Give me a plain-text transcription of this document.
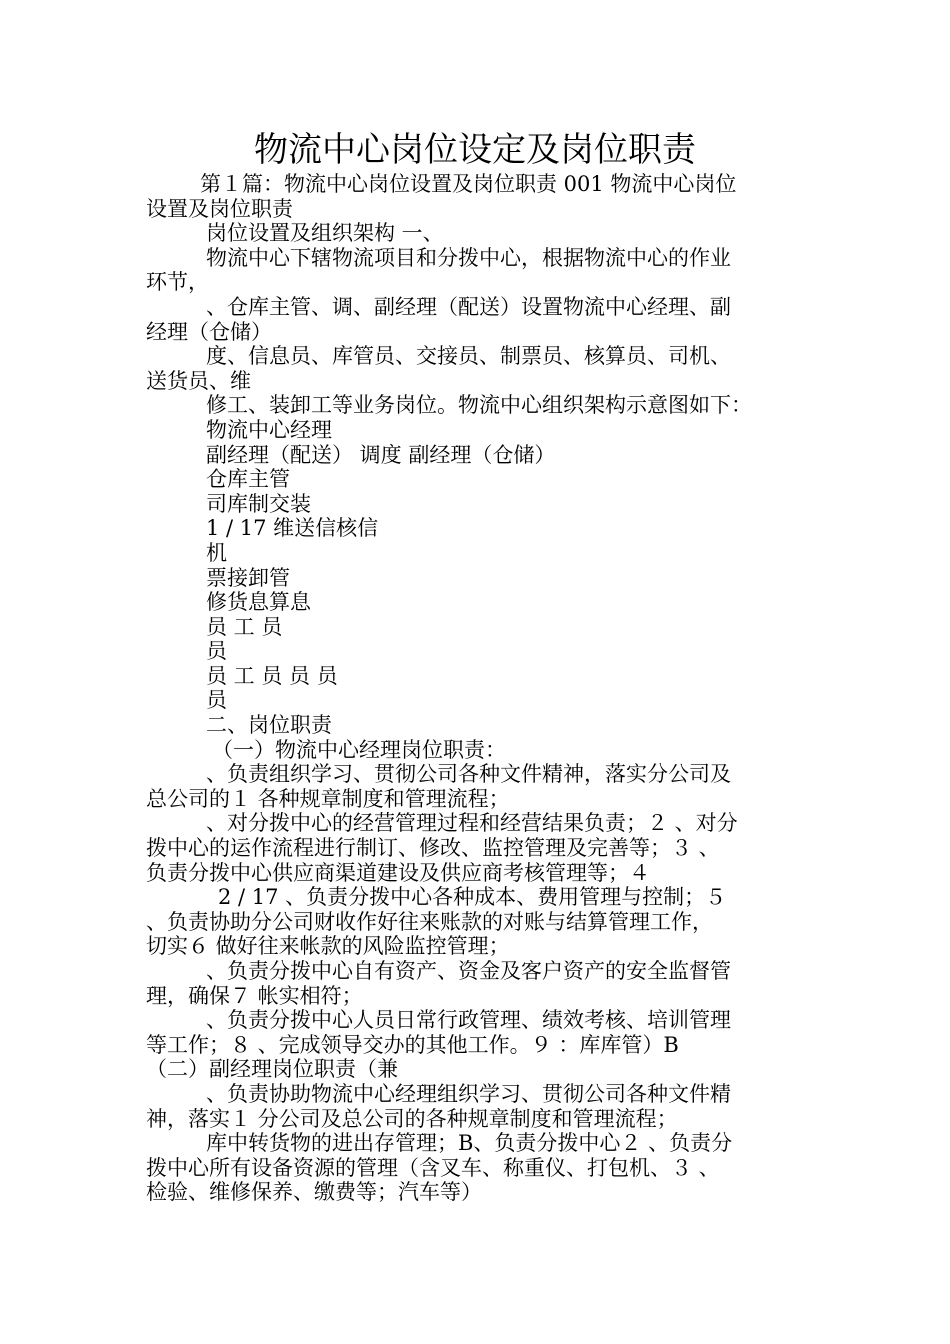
物流中心岗位设定及岗位职责

第１篇：物流中心岗位设置及岗位职责 001 物流中心岗位

设置及岗位职责

岗位设置及组织架构 一、

物流中心下辖物流项目和分拨中心，根据物流中心的作业

环节，

、仓库主管、调、副经理（配送）设置物流中心经理、副

经理（仓储）

度、信息员、库管员、交接员、制票员、核算员、司机、

送货员、维

修工、装卸工等业务岗位。物流中心组织架构示意图如下：

物流中心经理

副经理（配送） 调度 副经理（仓储）

仓库主管

司库制交装

1 / 17 维送信核信

机

票接卸管

修货息算息

员 工 员

员

员 工 员 员 员

员

二、岗位职责

（一）物流中心经理岗位职责：

、负责组织学习、贯彻公司各种文件精神，落实分公司及

总公司的１ 各种规章制度和管理流程；

、对分拨中心的经营管理过程和经营结果负责；２ 、对分

拨中心的运作流程进行制订、修改、监控管理及完善等；３ 、

负责分拨中心供应商渠道建设及供应商考核管理等；４

2 / 17 、负责分拨中心各种成本、费用管理与控制；５

、负责协助分公司财收作好往来账款的对账与结算管理工作，

切实６ 做好往来帐款的风险监控管理；

、负责分拨中心自有资产、资金及客户资产的安全监督管

理，确保７ 帐实相符；

、负责分拨中心人员日常行政管理、绩效考核、培训管理

等工作；８ 、完成领导交办的其他工作。９ ：库库管）B

（二）副经理岗位职责（兼

、负责协助物流中心经理组织学习、贯彻公司各种文件精

神，落实１ 分公司及总公司的各种规章制度和管理流程；

库中转货物的进出存管理；B、负责分拨中心２ 、负责分

拨中心所有设备资源的管理（含叉车、称重仪、打包机、３ 、

检验、维修保养、缴费等；汽车等）
